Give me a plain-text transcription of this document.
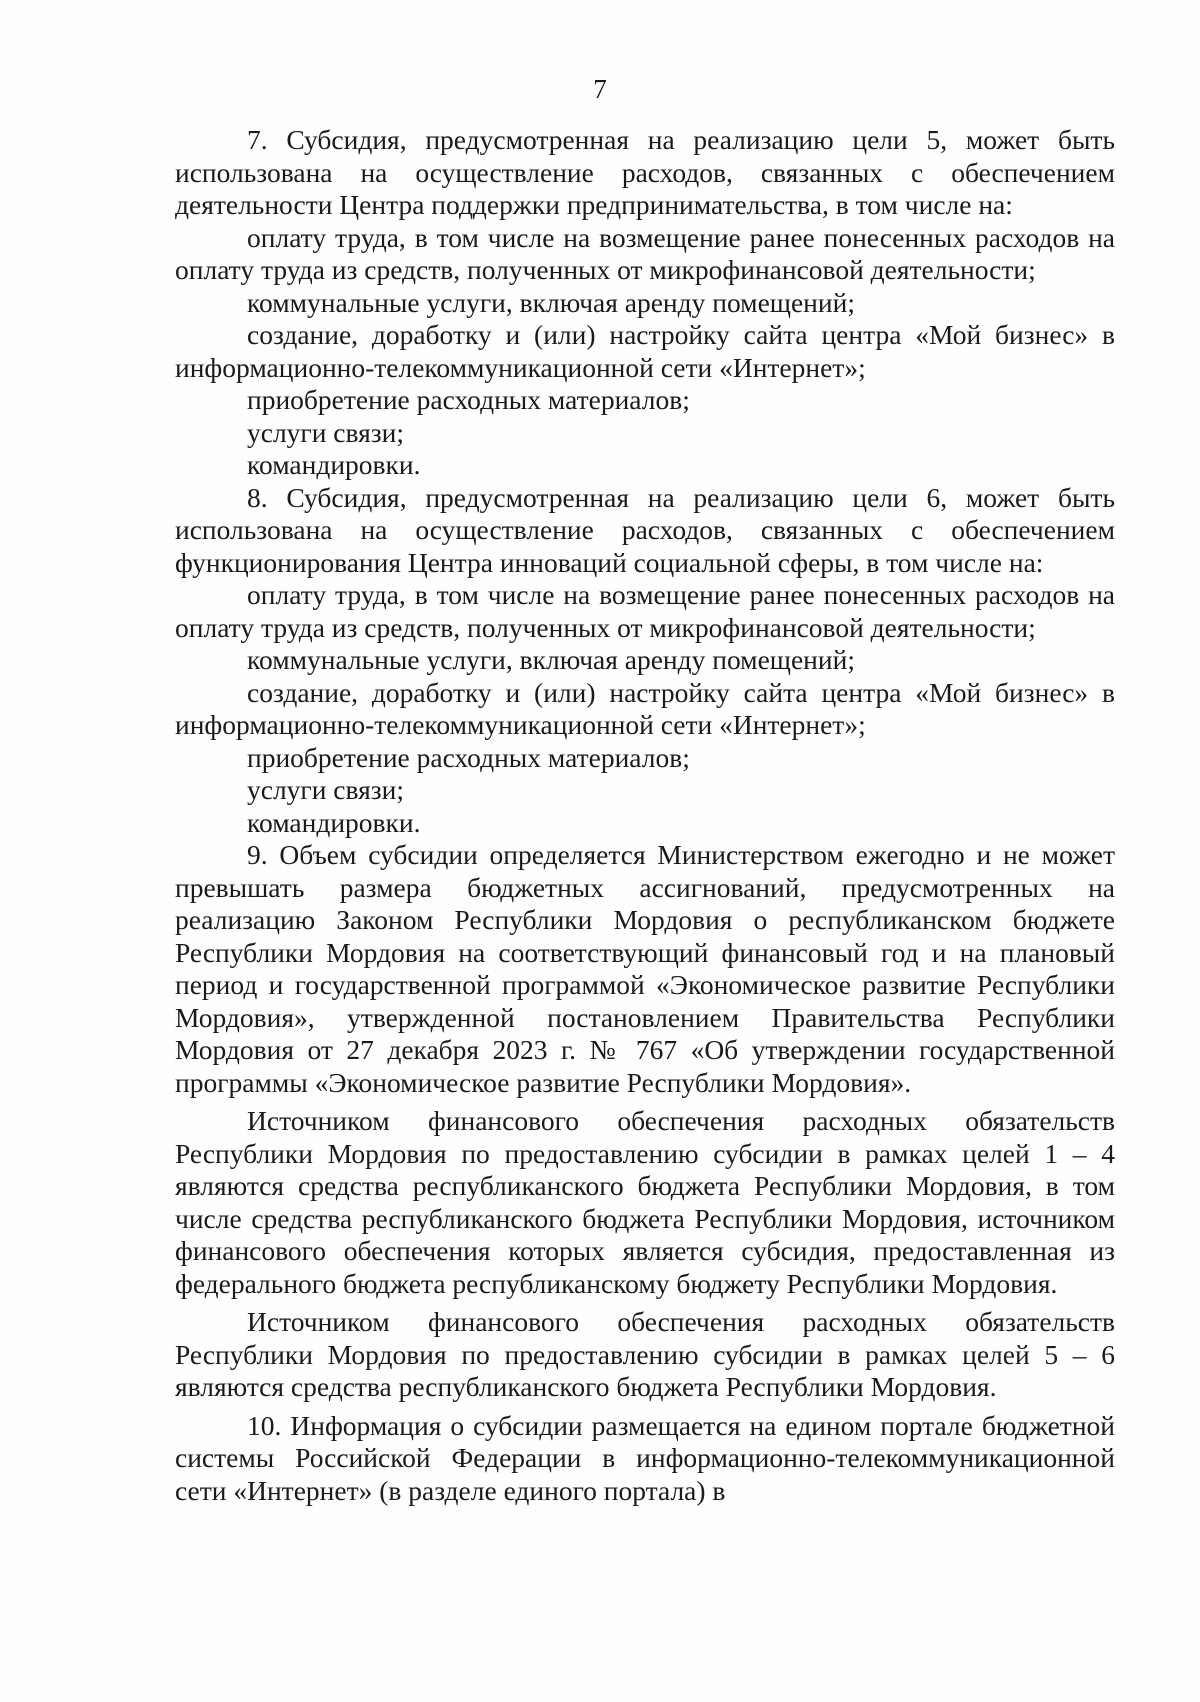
7

7. Субсидия, предусмотренная на реализацию цели 5, может быть использована на осуществление расходов, связанных с обеспечением деятельности Центра поддержки предпринимательства, в том числе на:

оплату труда, в том числе на возмещение ранее понесенных расходов на оплату труда из средств, полученных от микрофинансовой деятельности;

коммунальные услуги, включая аренду помещений;

создание, доработку и (или) настройку сайта центра «Мой бизнес» в информационно-телекоммуникационной сети «Интернет»;

приобретение расходных материалов;

услуги связи;

командировки.

8. Субсидия, предусмотренная на реализацию цели 6, может быть использована на осуществление расходов, связанных с обеспечением функционирования Центра инноваций социальной сферы, в том числе на:

оплату труда, в том числе на возмещение ранее понесенных расходов на оплату труда из средств, полученных от микрофинансовой деятельности;

коммунальные услуги, включая аренду помещений;

создание, доработку и (или) настройку сайта центра «Мой бизнес» в информационно-телекоммуникационной сети «Интернет»;

приобретение расходных материалов;

услуги связи;

командировки.

9. Объем субсидии определяется Министерством ежегодно и не может превышать размера бюджетных ассигнований, предусмотренных на реализацию Законом Республики Мордовия о республиканском бюджете Республики Мордовия на соответствующий финансовый год и на плановый период и государственной программой «Экономическое развитие Республики Мордовия», утвержденной постановлением Правительства Республики Мордовия от 27 декабря 2023 г. № 767 «Об утверждении государственной программы «Экономическое развитие Республики Мордовия».

Источником финансового обеспечения расходных обязательств Республики Мордовия по предоставлению субсидии в рамках целей 1 – 4 являются средства республиканского бюджета Республики Мордовия, в том числе средства республиканского бюджета Республики Мордовия, источником финансового обеспечения которых является субсидия, предоставленная из федерального бюджета республиканскому бюджету Республики Мордовия.

Источником финансового обеспечения расходных обязательств Республики Мордовия по предоставлению субсидии в рамках целей 5 – 6 являются средства республиканского бюджета Республики Мордовия.

10. Информация о субсидии размещается на едином портале бюджетной системы Российской Федерации в информационно-телекоммуникационной сети «Интернет» (в разделе единого портала) в
